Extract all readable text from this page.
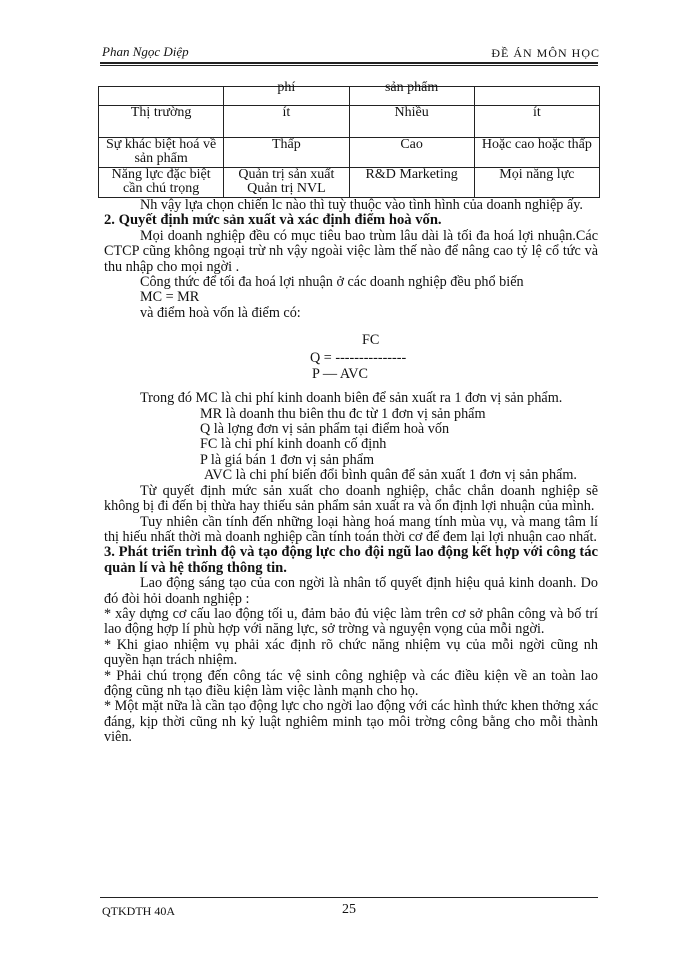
Phan Ngọc Diệp	ĐỀ ÁN MÔN HỌC

	phí	sản phẩm	

Thị trường	ít	Nhiều	ít
Sự khác biệt hoá về sản phẩm	Thấp	Cao	Hoặc cao hoặc thấp
Năng lực đặc biệt cần chú trọng	Quản trị sản xuất Quản trị NVL	R&D Marketing	Mọi năng lực

Nh vậy lựa chọn chiến lc nào thì tuỳ thuộc vào tình hình của doanh nghiệp ấy.

2. Quyết định mức sản xuất và xác định điểm hoà vốn.

Mọi doanh nghiệp đều có mục tiêu bao trùm lâu dài là tối đa hoá lợi nhuận.Các CTCP cũng không ngoại trừ nh vậy ngoài việc làm thế nào để nâng cao tỷ lệ cổ tức và thu nhập cho mọi ngời .

Công thức để tối đa hoá lợi nhuận ở các doanh nghiệp đều phổ biến

MC = MR

và điểm hoà vốn là điểm có:

FC
Q = ---------------
P — AVC

Trong đó MC là chi phí kinh doanh biên để sản xuất ra 1 đơn vị sản phẩm.

MR là doanh thu biên thu đc từ 1 đơn vị sản phẩm

Q là lợng đơn vị sản phẩm tại điểm hoà vốn

FC là chi phí kinh doanh cố định

P là giá bán 1 đơn vị sản phẩm

AVC là chi phí biến đổi bình quân để sản xuất 1 đơn vị sản phẩm.

Từ quyết định mức sản xuất cho doanh nghiệp, chắc chắn doanh nghiệp sẽ không bị đi đến bị thừa hay thiếu sản phẩm sản xuất ra và ổn định lợi nhuận của mình.

Tuy nhiên cần tính đến những loại hàng hoá mang tính mùa vụ, và mang tâm lí thị hiếu nhất thời mà doanh nghiệp cần tính toán thời cơ để đem lại lợi nhuận cao nhất.

3. Phát triển trình độ và tạo động lực cho đội ngũ lao động kết hợp với công tác quản lí và hệ thống thông tin.

Lao động sáng tạo của con ngời là nhân tố quyết định hiệu quả kinh doanh. Do đó đòi hỏi doanh nghiệp :

* xây dựng cơ cấu lao động tối u, đảm bảo đủ việc làm trên cơ sở phân công và bố trí lao động hợp lí phù hợp với năng lực, sở trờng và nguyện vọng của mỗi ngời.

* Khi giao nhiệm vụ phải xác định rõ chức năng nhiệm vụ của mỗi ngời cũng nh quyền hạn trách nhiệm.

* Phải chú trọng đến công tác vệ sinh công nghiệp và các điều kiện về an toàn lao động cũng nh tạo điều kiện làm việc lành mạnh cho họ.

* Một mặt nữa là cần tạo động lực cho ngời lao động với các hình thức khen thởng xác đáng, kịp thời cũng nh kỷ luật nghiêm minh tạo môi trờng công bằng cho mỗi thành viên.

QTKDTH 40A	25
